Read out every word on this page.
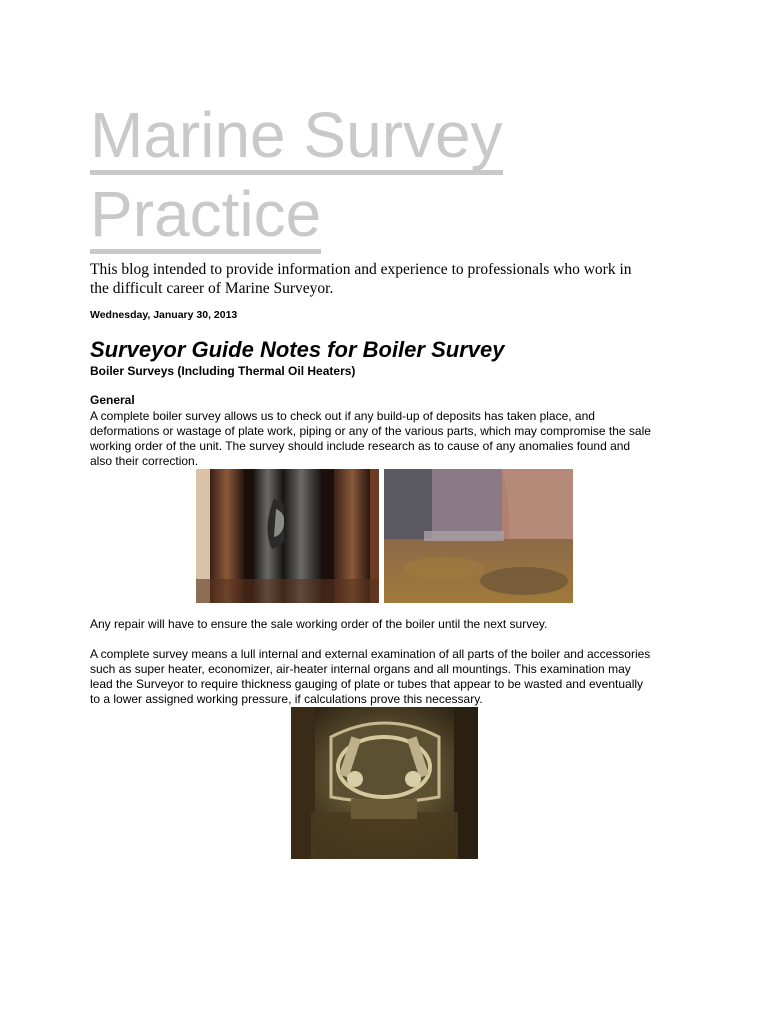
Marine Survey
Practice
This blog intended to provide information and experience to professionals who work in
the difficult career of Marine Surveyor.
Wednesday, January 30, 2013
Surveyor Guide Notes for Boiler Survey
Boiler Surveys (Including Thermal Oil Heaters)
General
A complete boiler survey allows us to check out if any build-up of deposits has taken place, and
deformations or wastage of plate work, piping or any of the various parts, which may compromise the sale
working order of the unit. The survey should include research as to cause of any anomalies found and
also their correction.
Any repair will have to ensure the sale working order of the boiler until the next survey.
A complete survey means a lull internal and external examination of all parts of the boiler and accessories
such as super heater, economizer, air-heater internal organs and all mountings. This examination may
lead the Surveyor to require thickness gauging of plate or tubes that appear to be wasted and eventually
to a lower assigned working pressure, if calculations prove this necessary.
